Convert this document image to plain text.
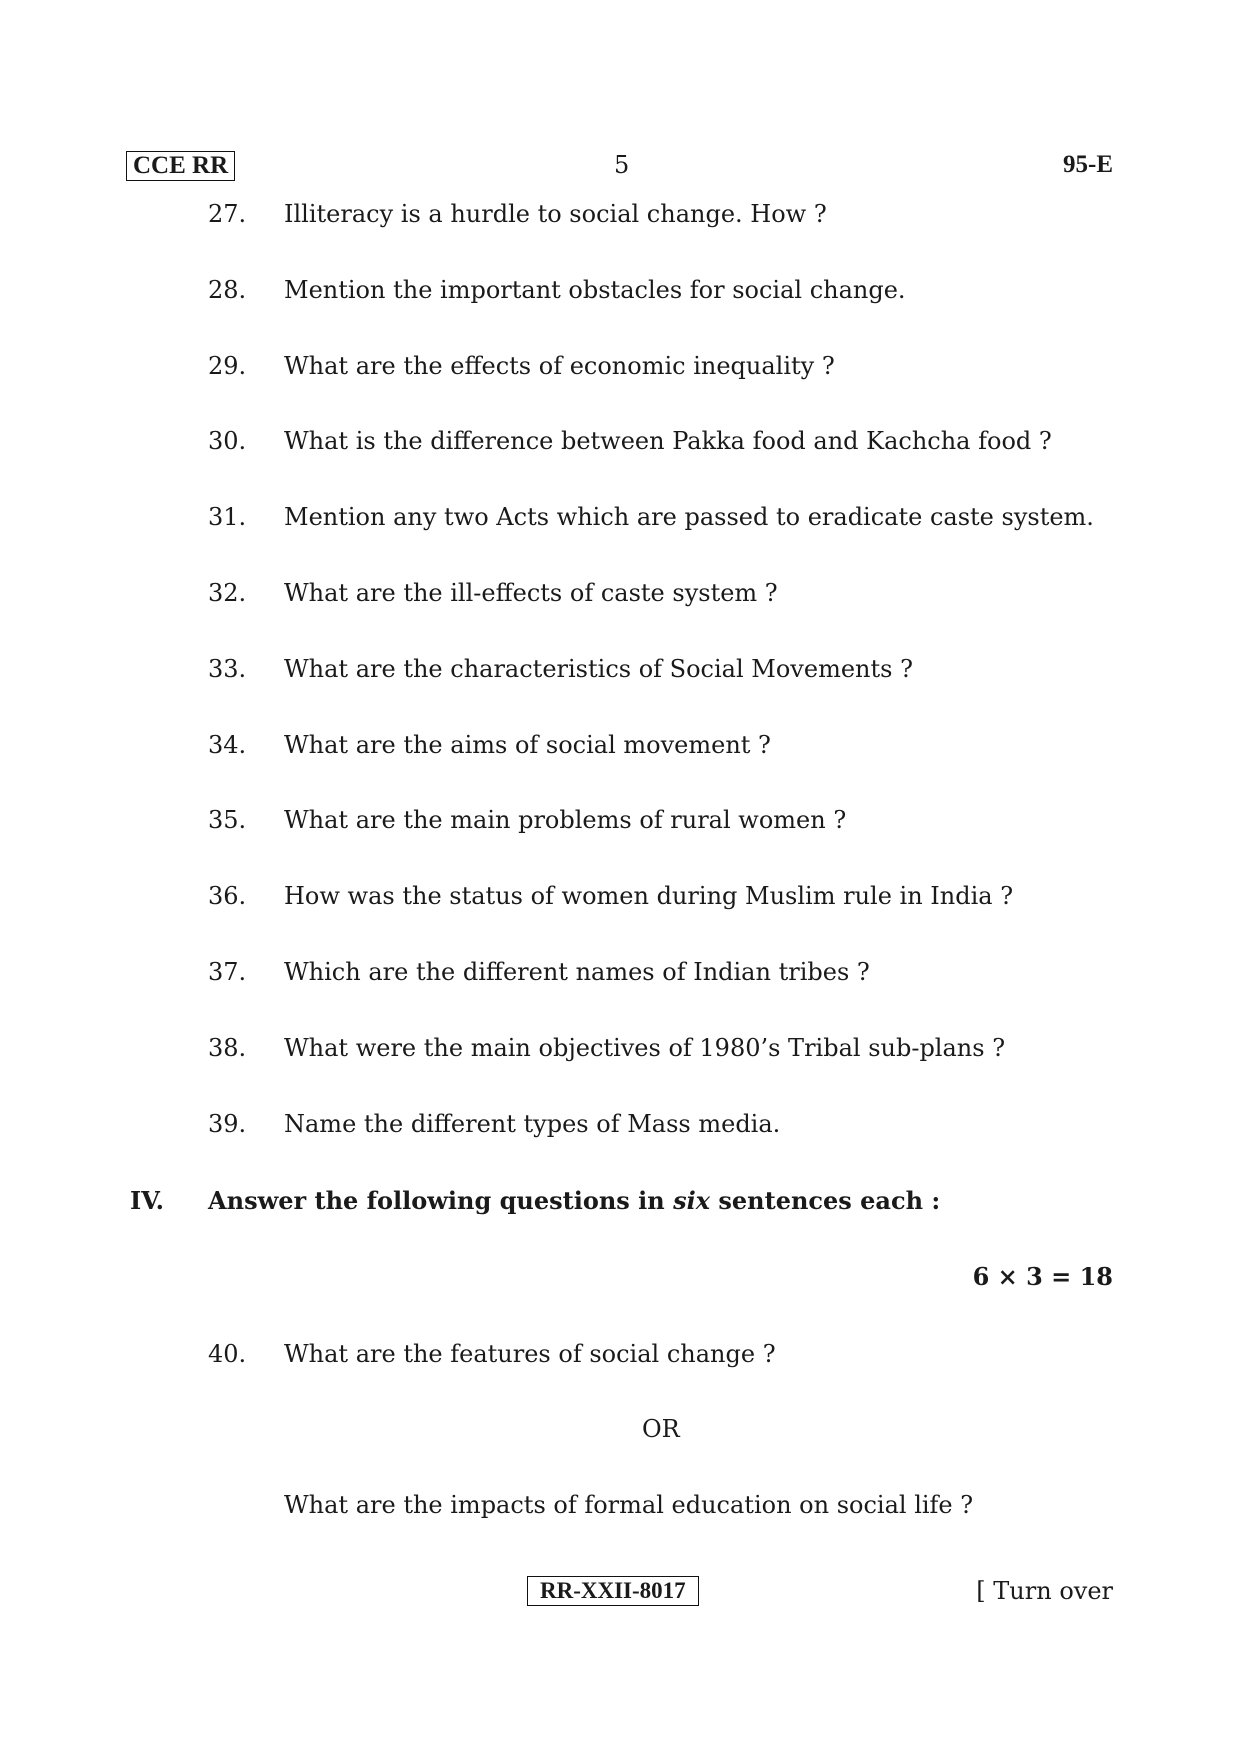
CCE RR	5	95-E
27. Illiteracy is a hurdle to social change. How ?
28. Mention the important obstacles for social change.
29. What are the effects of economic inequality ?
30. What is the difference between Pakka food and Kachcha food ?
31. Mention any two Acts which are passed to eradicate caste system.
32. What are the ill-effects of caste system ?
33. What are the characteristics of Social Movements ?
34. What are the aims of social movement ?
35. What are the main problems of rural women ?
36. How was the status of women during Muslim rule in India ?
37. Which are the different names of Indian tribes ?
38. What were the main objectives of 1980’s Tribal sub-plans ?
39. Name the different types of Mass media.
IV. Answer the following questions in six sentences each :
6 × 3 = 18
40. What are the features of social change ?
OR
What are the impacts of formal education on social life ?
RR-XXII-8017	[ Turn over
